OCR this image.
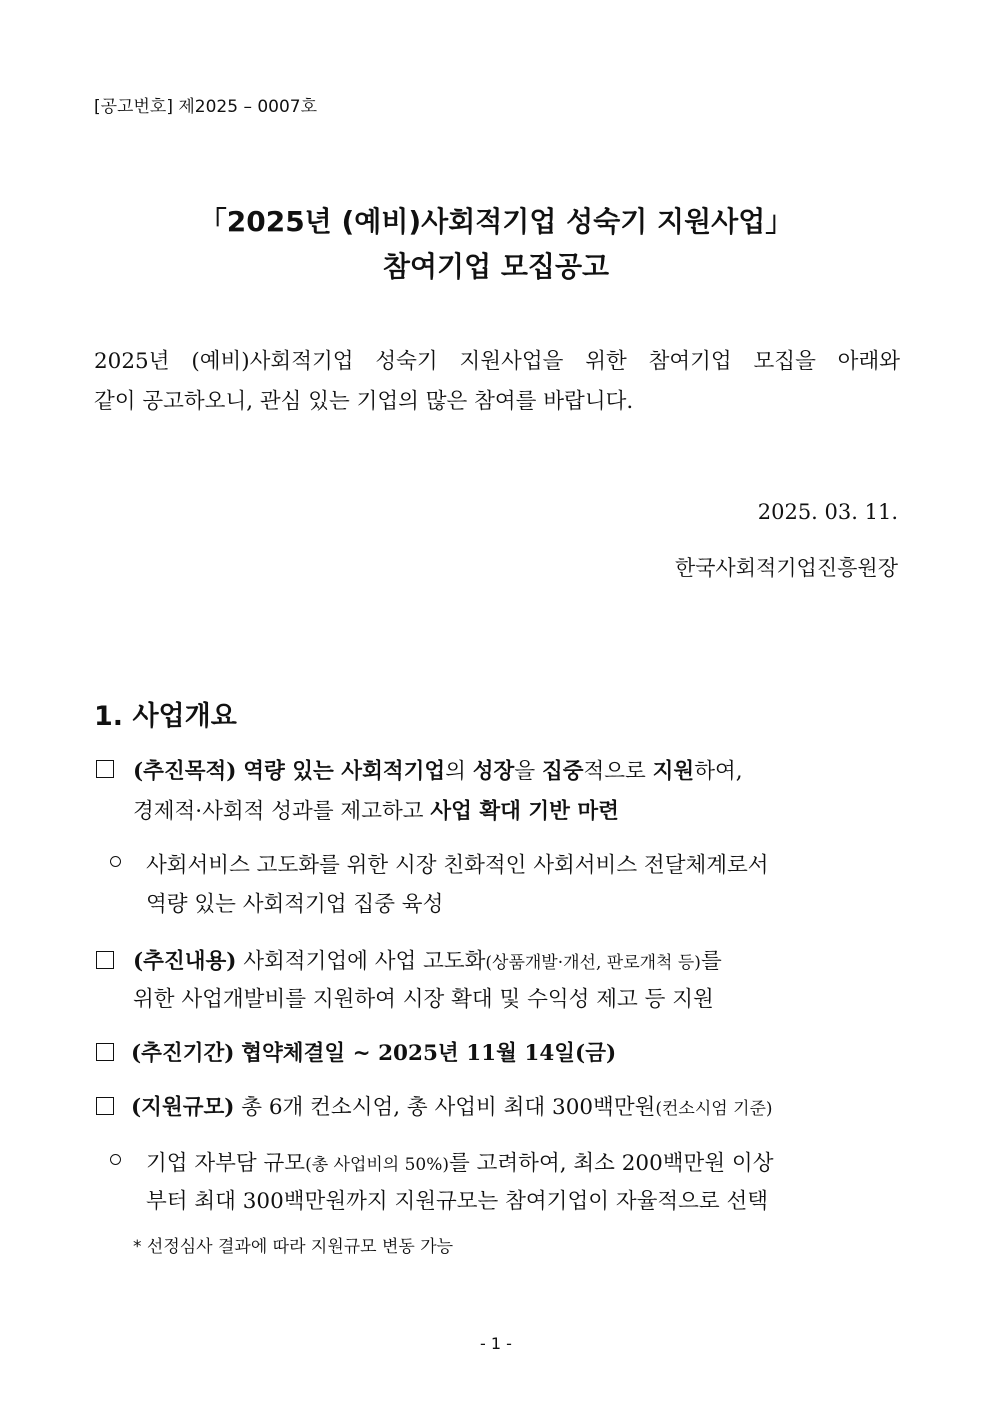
[공고번호] 제2025 – 0007호
「2025년 (예비)사회적기업 성숙기 지원사업」
참여기업 모집공고
2025년 (예비)사회적기업 성숙기 지원사업을 위한 참여기업 모집을 아래와
같이 공고하오니, 관심 있는 기업의 많은 참여를 바랍니다.
2025. 03. 11.
한국사회적기업진흥원장
1. 사업개요
(추진목적) 역량 있는 사회적기업의 성장을 집중적으로 지원하여,
경제적·사회적 성과를 제고하고 사업 확대 기반 마련
사회서비스 고도화를 위한 시장 친화적인 사회서비스 전달체계로서
역량 있는 사회적기업 집중 육성
(추진내용) 사회적기업에 사업 고도화(상품개발·개선, 판로개척 등)를
위한 사업개발비를 지원하여 시장 확대 및 수익성 제고 등 지원
(추진기간)
협약체결일 ~ 2025년 11월 14일(금)
(지원규모)
총 6개 컨소시엄, 총 사업비 최대 300백만원 (컨소시엄 기준)
기업 자부담 규모 (총 사업비의 50%) 를 고려하여, 최소 200백만원 이상
부터 최대 300백만원까지 지원규모는 참여기업이 자율적으로 선택
* 선정심사 결과에 따라 지원규모 변동 가능
- 1 -
